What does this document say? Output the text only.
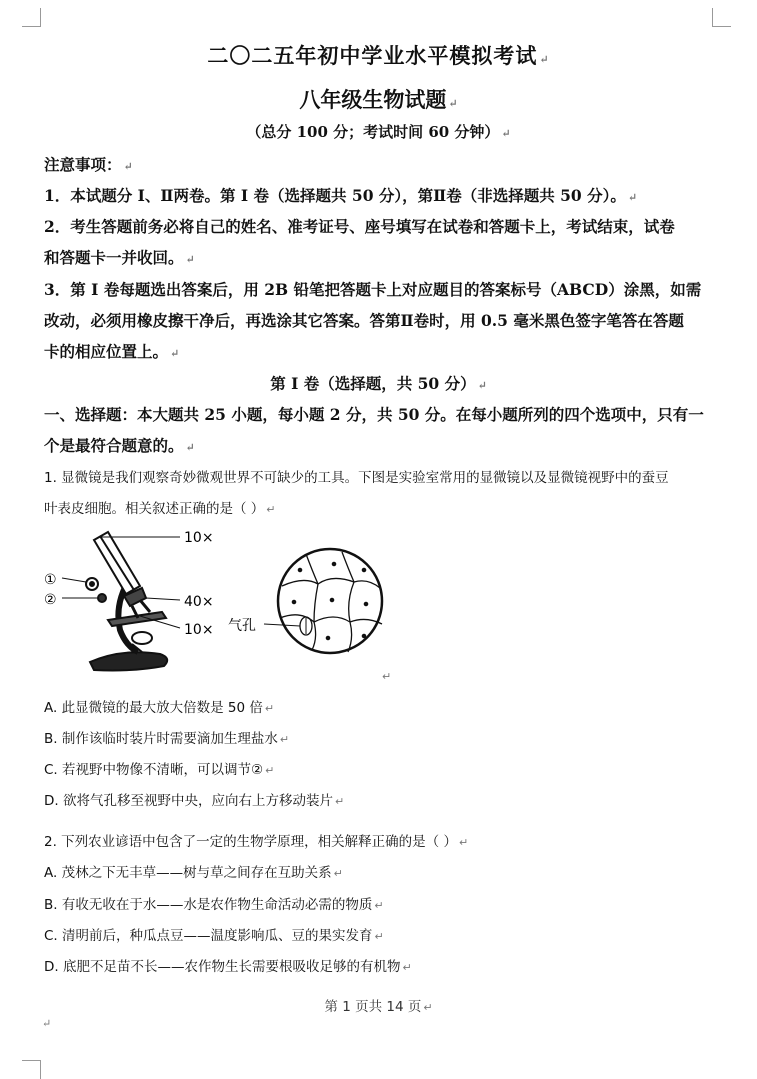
二〇二五年初中学业水平模拟考试 ↵
八年级生物试题 ↵
（总分 100 分；考试时间 60 分钟） ↵
注意事项： ↵
1．本试题分 Ⅰ、Ⅱ两卷。第 Ⅰ 卷（选择题共 50 分），第Ⅱ卷（非选择题共 50 分）。 ↵
2．考生答题前务必将自己的姓名、准考证号、座号填写在试卷和答题卡上，考试结束，试卷
和答题卡一并收回。 ↵
3．第 Ⅰ 卷每题选出答案后，用 2B 铅笔把答题卡上对应题目的答案标号（ABCD）涂黑，如需
改动，必须用橡皮擦干净后，再选涂其它答案。答第Ⅱ卷时，用 0.5 毫米黑色签字笔答在答题
卡的相应位置上。 ↵
第 Ⅰ 卷（选择题，共 50 分） ↵
一、选择题：本大题共 25 小题，每小题 2 分，共 50 分。在每小题所列的四个选项中，只有一
个是最符合题意的。 ↵
1. 显微镜是我们观察奇妙微观世界不可缺少的工具。下图是实验室常用的显微镜以及显微镜视野中的蚕豆
叶表皮细胞。相关叙述正确的是（ ） ↵
10×
40×
10×
①
②
气孔
↵
A. 此显微镜的最大放大倍数是 50 倍 ↵
B. 制作该临时装片时需要滴加生理盐水 ↵
C. 若视野中物像不清晰，可以调节② ↵
D. 欲将气孔移至视野中央，应向右上方移动装片 ↵
2. 下列农业谚语中包含了一定的生物学原理，相关解释正确的是（ ） ↵
A. 茂林之下无丰草——树与草之间存在互助关系 ↵
B. 有收无收在于水——水是农作物生命活动必需的物质 ↵
C. 清明前后，种瓜点豆——温度影响瓜、豆的果实发育 ↵
D. 底肥不足苗不长——农作物生长需要根吸收足够的有机物 ↵
第 1 页共 14 页 ↵
↵
